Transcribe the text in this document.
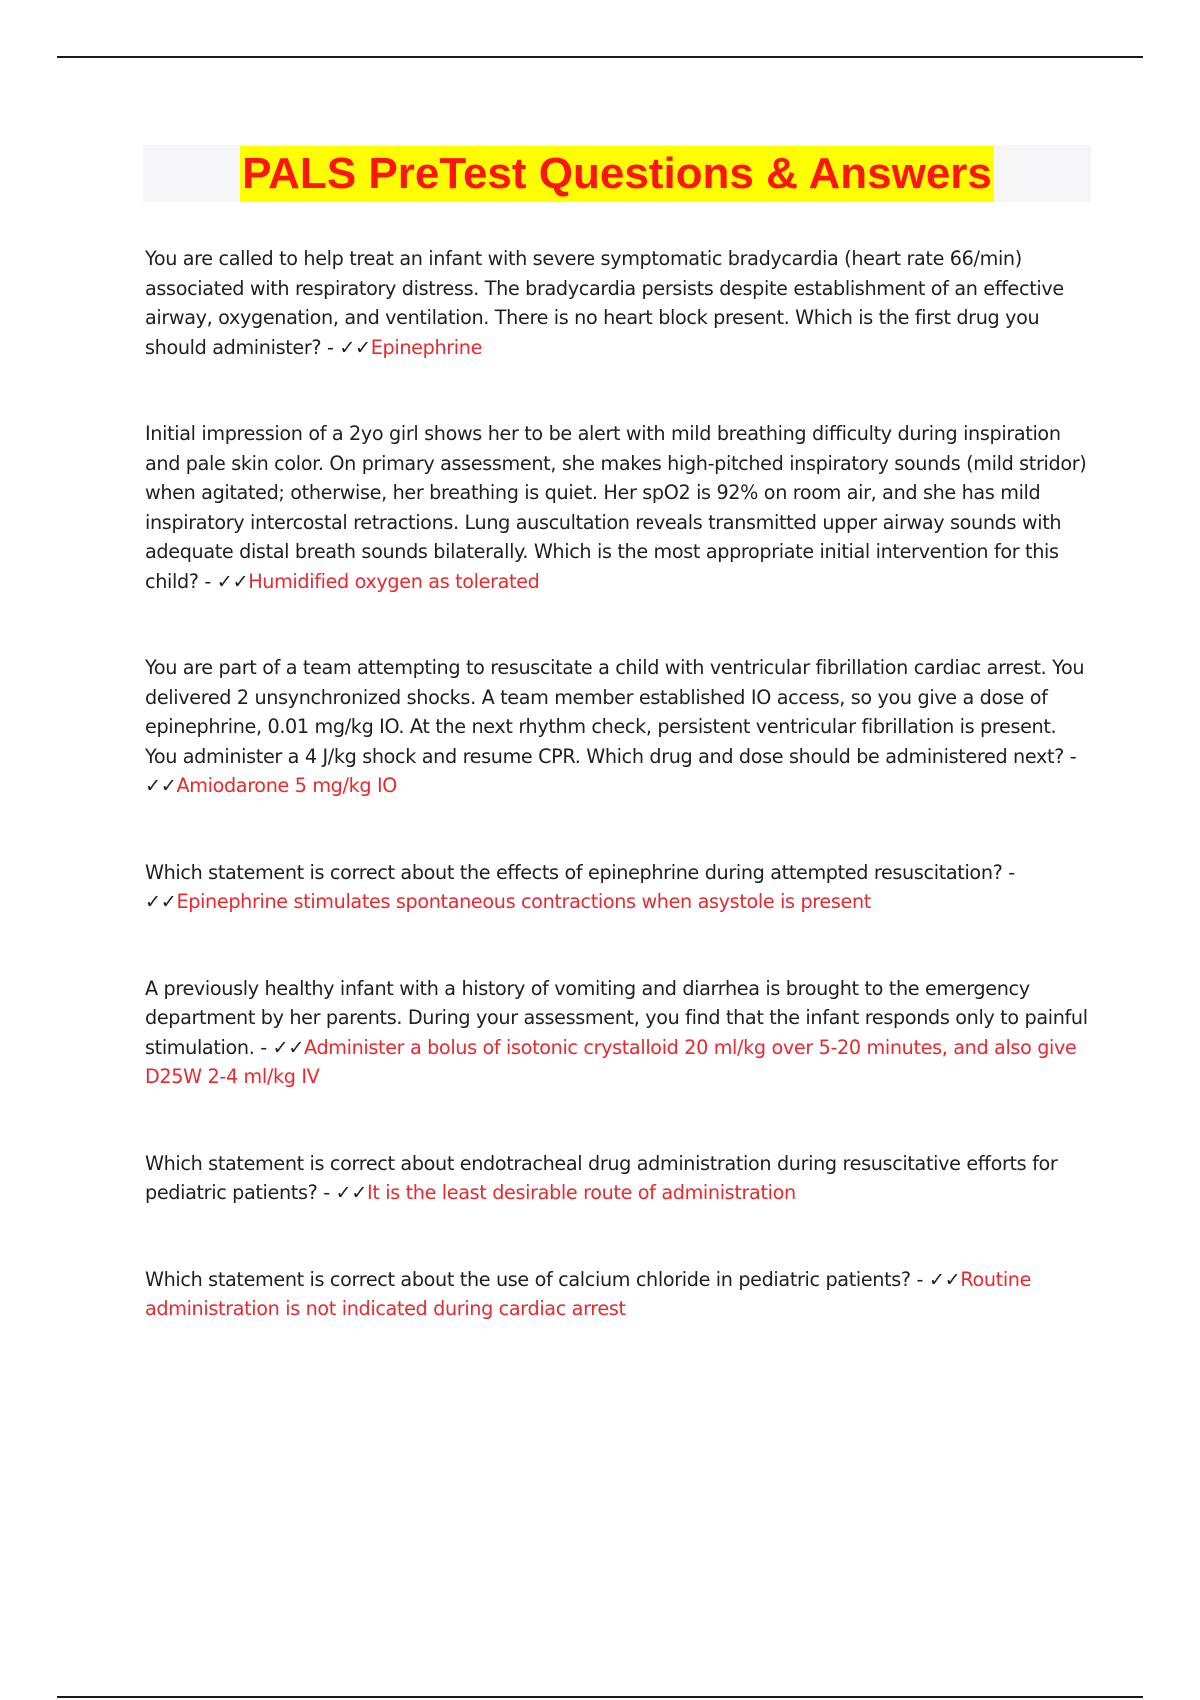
PALS PreTest Questions & Answers

You are called to help treat an infant with severe symptomatic bradycardia (heart rate 66/min) associated with respiratory distress. The bradycardia persists despite establishment of an effective airway, oxygenation, and ventilation. There is no heart block present. Which is the first drug you should administer? - ✓✓Epinephrine

Initial impression of a 2yo girl shows her to be alert with mild breathing difficulty during inspiration and pale skin color. On primary assessment, she makes high-pitched inspiratory sounds (mild stridor) when agitated; otherwise, her breathing is quiet. Her spO2 is 92% on room air, and she has mild inspiratory intercostal retractions. Lung auscultation reveals transmitted upper airway sounds with adequate distal breath sounds bilaterally. Which is the most appropriate initial intervention for this child? - ✓✓Humidified oxygen as tolerated

You are part of a team attempting to resuscitate a child with ventricular fibrillation cardiac arrest. You delivered 2 unsynchronized shocks. A team member established IO access, so you give a dose of epinephrine, 0.01 mg/kg IO. At the next rhythm check, persistent ventricular fibrillation is present. You administer a 4 J/kg shock and resume CPR. Which drug and dose should be administered next? - ✓✓Amiodarone 5 mg/kg IO

Which statement is correct about the effects of epinephrine during attempted resuscitation? - ✓✓Epinephrine stimulates spontaneous contractions when asystole is present

A previously healthy infant with a history of vomiting and diarrhea is brought to the emergency department by her parents. During your assessment, you find that the infant responds only to painful stimulation. - ✓✓Administer a bolus of isotonic crystalloid 20 ml/kg over 5-20 minutes, and also give D25W 2-4 ml/kg IV

Which statement is correct about endotracheal drug administration during resuscitative efforts for pediatric patients? - ✓✓It is the least desirable route of administration

Which statement is correct about the use of calcium chloride in pediatric patients? - ✓✓Routine administration is not indicated during cardiac arrest
